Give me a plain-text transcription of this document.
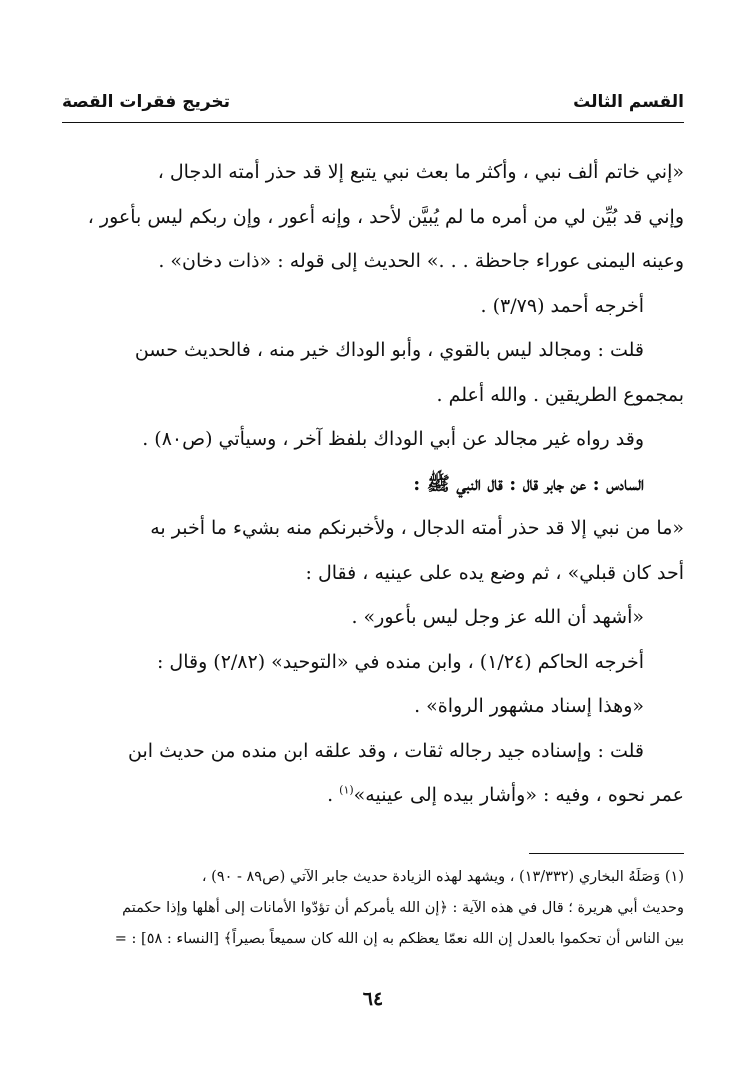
تخريج فقرات القصة	القسم الثالث
«إني خاتم ألف نبي ، وأكثر ما بعث نبي يتبع إلا قد حذر أمته الدجال ،
وإني قد بُيِّن لي من أمره ما لم يُبيَّن لأحد ، وإنه أعور ، وإن ربكم ليس بأعور ،
وعينه اليمنى عوراء جاحظة . . .» الحديث إلى قوله : «ذات دخان» .
أخرجه أحمد (٣/٧٩) .
قلت : ومجالد ليس بالقوي ، وأبو الوداك خير منه ، فالحديث حسن
بمجموع الطريقين . والله أعلم .
وقد رواه غير مجالد عن أبي الوداك بلفظ آخر ، وسيأتي (ص٨٠) .
السادس : عن جابر قال : قال النبي ﷺ :
«ما من نبي إلا قد حذر أمته الدجال ، ولأخبرنكم منه بشيء ما أخبر به
أحد كان قبلي» ، ثم وضع يده على عينيه ، فقال :
«أشهد أن الله عز وجل ليس بأعور» .
أخرجه الحاكم (١/٢٤) ، وابن منده في «التوحيد» (٢/٨٢) وقال :
«وهذا إسناد مشهور الرواة» .
قلت : وإسناده جيد رجاله ثقات ، وقد علقه ابن منده من حديث ابن
عمر نحوه ، وفيه : «وأشار بيده إلى عينيه»$^{(١)}$ .
(١) وَصَلَهُ البخاري (١٣/٣٣٢) ، ويشهد لهذه الزيادة حديث جابر الآتي (ص٨٩ - ٩٠) ،
وحديث أبي هريرة ؛ قال في هذه الآية : ﴿إن الله يأمركم أن تؤدّوا الأمانات إلى أهلها وإذا حكمتم
بين الناس أن تحكموا بالعدل إن الله نعمّا يعظكم به إن الله كان سميعاً بصيراً﴾ [النساء : ٥٨] : =
٦٤
